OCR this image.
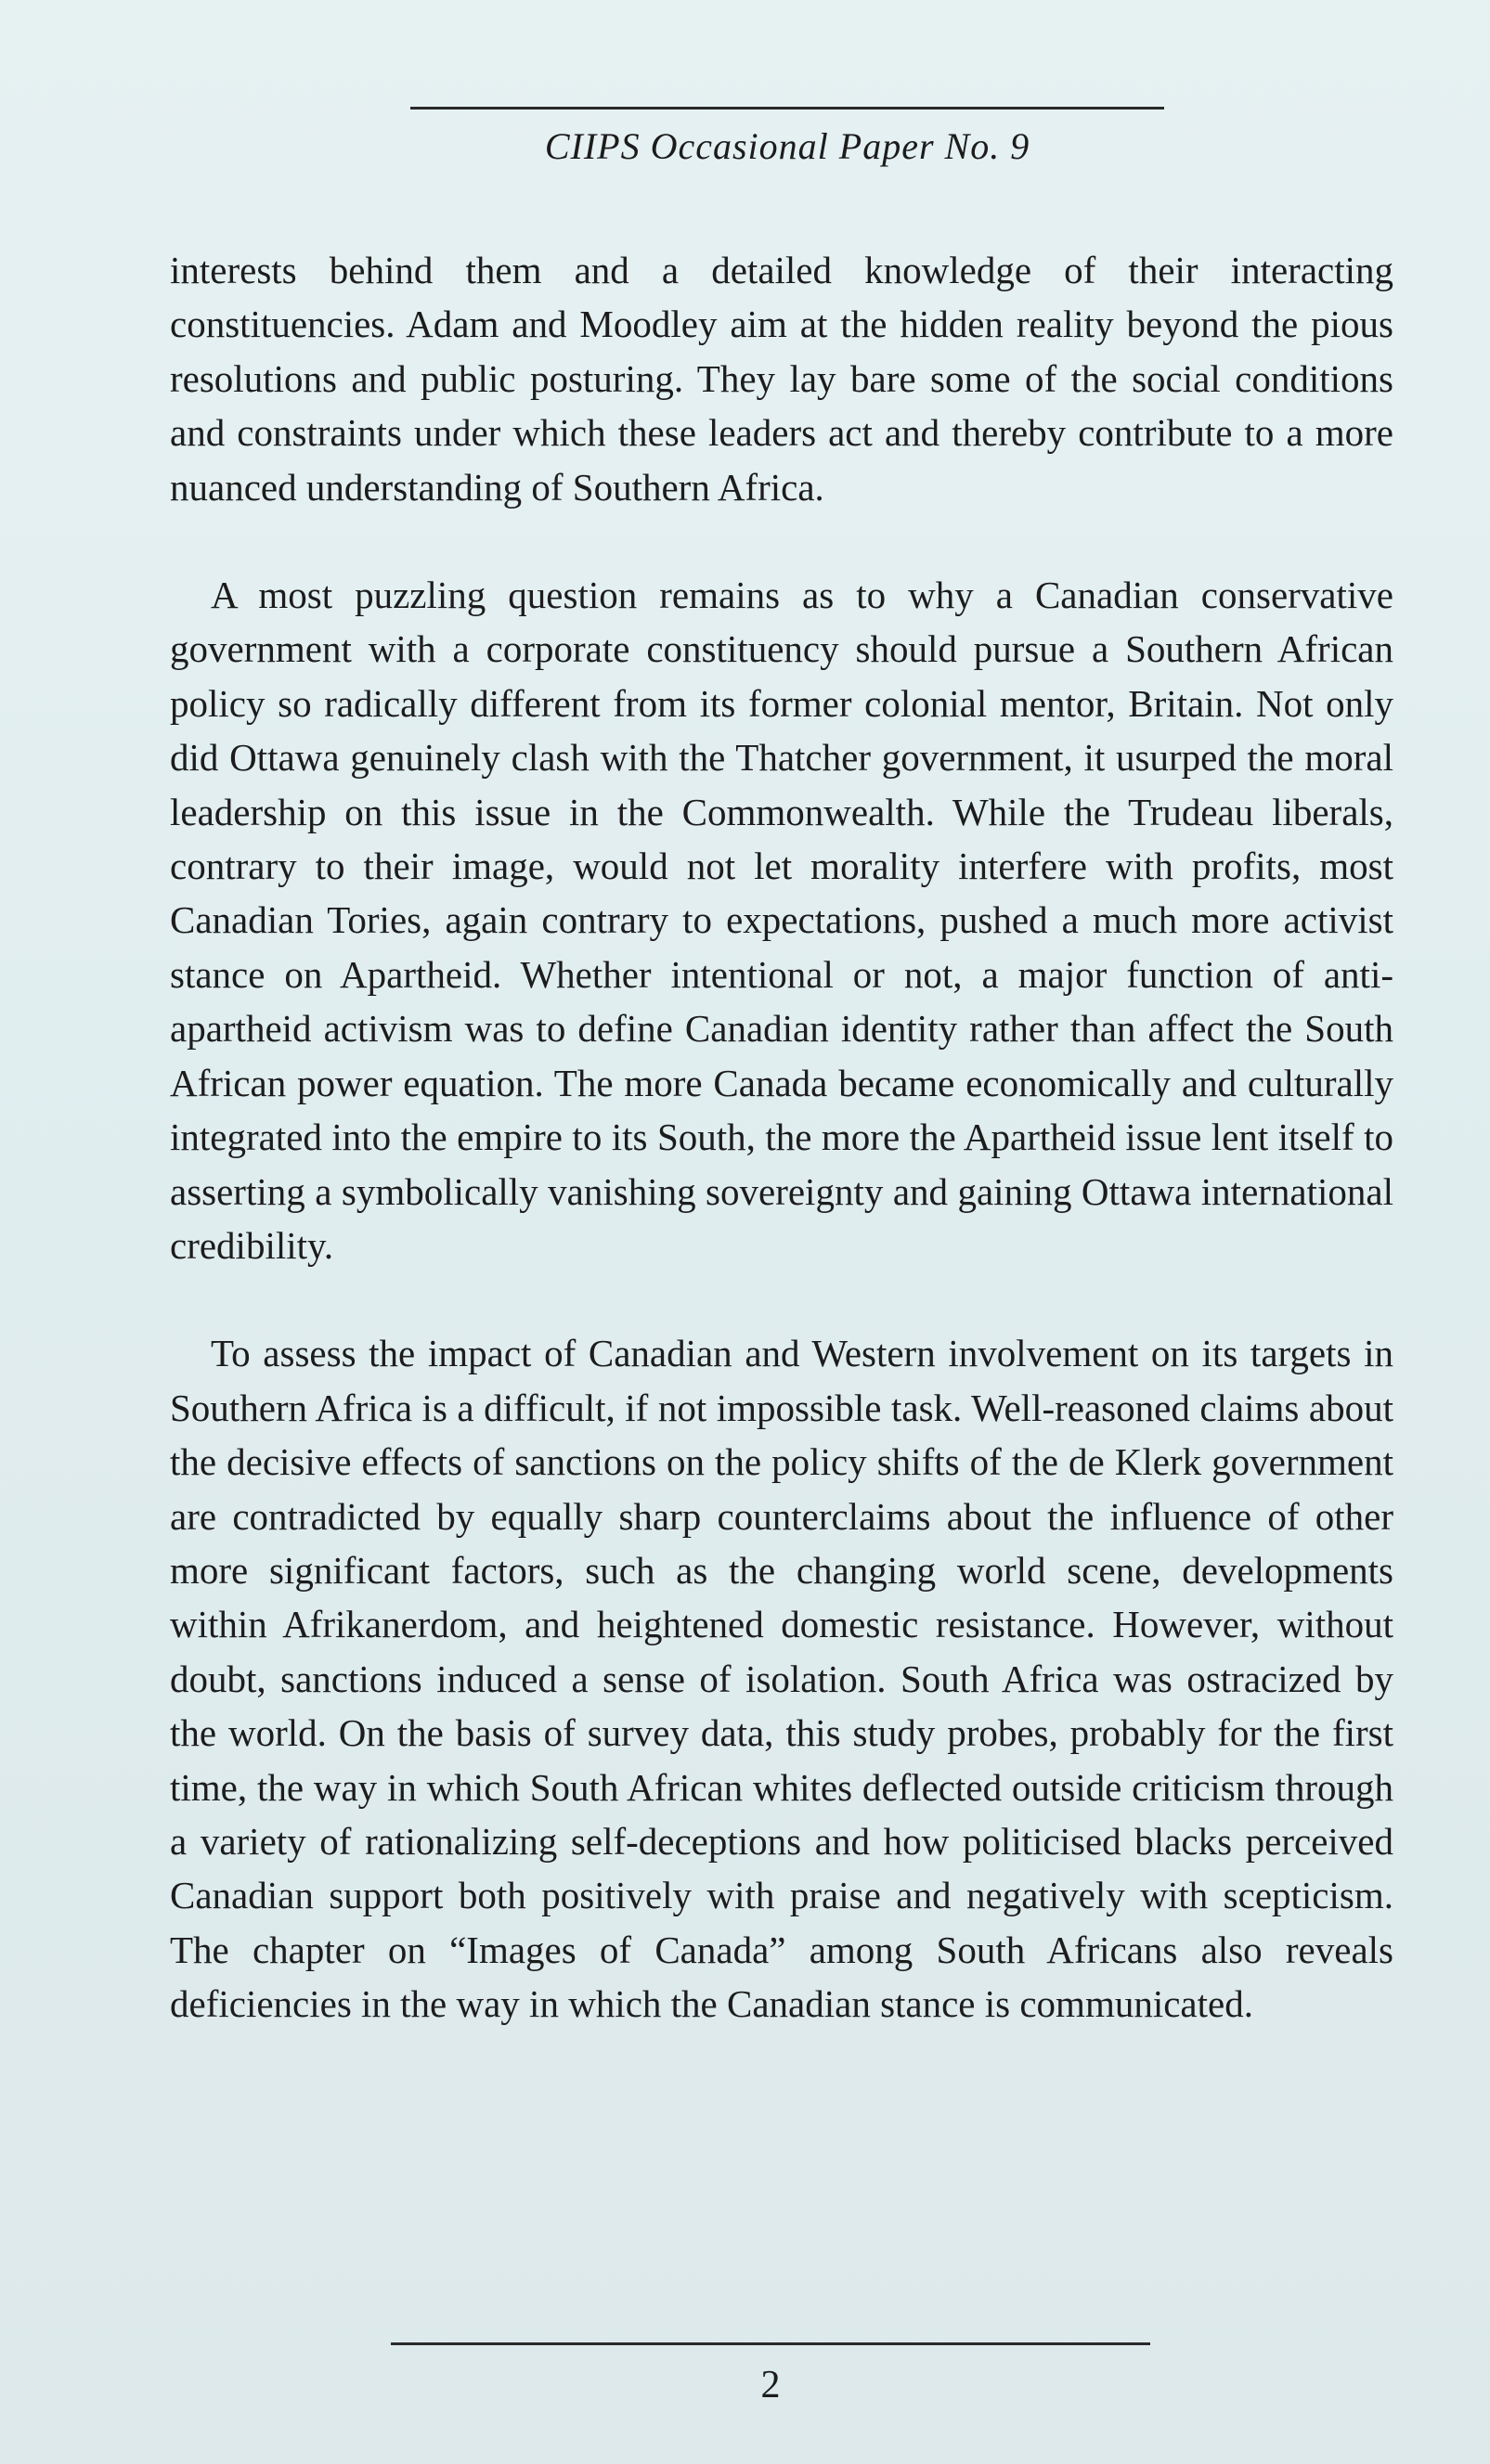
CIIPS Occasional Paper No. 9

interests behind them and a detailed knowledge of their interacting constituencies. Adam and Moodley aim at the hidden reality beyond the pious resolutions and public posturing. They lay bare some of the social conditions and constraints under which these leaders act and thereby contribute to a more nuanced understanding of Southern Africa.

A most puzzling question remains as to why a Canadian conservative government with a corporate constituency should pursue a Southern African policy so radically different from its former colonial mentor, Britain. Not only did Ottawa genuinely clash with the Thatcher government, it usurped the moral leadership on this issue in the Commonwealth. While the Trudeau liberals, contrary to their image, would not let morality interfere with profits, most Canadian Tories, again contrary to expectations, pushed a much more activist stance on Apartheid. Whether intentional or not, a major function of anti-apartheid activism was to define Canadian identity rather than affect the South African power equation. The more Canada became economically and culturally integrated into the empire to its South, the more the Apartheid issue lent itself to asserting a symbolically vanishing sovereignty and gaining Ottawa international credibility.

To assess the impact of Canadian and Western involvement on its targets in Southern Africa is a difficult, if not impossible task. Well-reasoned claims about the decisive effects of sanctions on the policy shifts of the de Klerk government are contradicted by equally sharp counterclaims about the influence of other more significant factors, such as the changing world scene, developments within Afrikanerdom, and heightened domestic resistance. However, without doubt, sanctions induced a sense of isolation. South Africa was ostracized by the world. On the basis of survey data, this study probes, probably for the first time, the way in which South African whites deflected outside criticism through a variety of rationalizing self-deceptions and how politicised blacks perceived Canadian support both positively with praise and negatively with scepticism. The chapter on “Images of Canada” among South Africans also reveals deficiencies in the way in which the Canadian stance is communicated.

2
